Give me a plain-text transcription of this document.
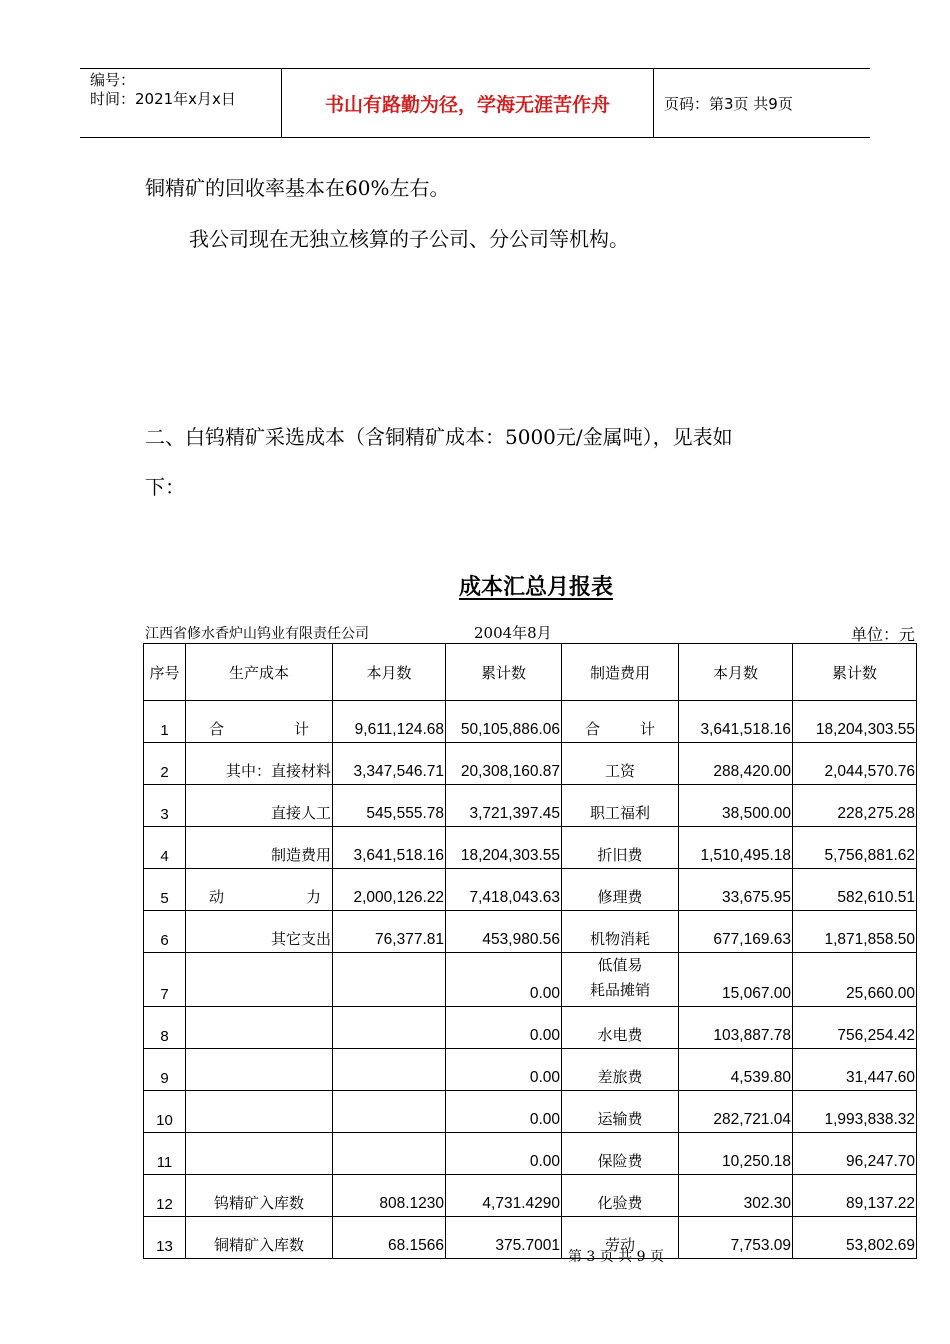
编号：
时间：2021年x月x日	书山有路勤为径，学海无涯苦作舟	页码：第3页 共9页
铜精矿的回收率基本在60%左右。
我公司现在无独立核算的子公司、分公司等机构。
二、白钨精矿采选成本（含铜精矿成本：5000元/金属吨），见表如
下：
成本汇总月报表
江西省修水香炉山钨业有限责任公司	2004年8月	单位：元
序号	生产成本	本月数	累计数	制造费用	本月数	累计数
1	合 计	9,611,124.68	50,105,886.06	合 计	3,641,518.16	18,204,303.55
2	其中：直接材料	3,347,546.71	20,308,160.87	工资	288,420.00	2,044,570.76
3	直接人工	545,555.78	3,721,397.45	职工福利	38,500.00	228,275.28
4	制造费用	3,641,518.16	18,204,303.55	折旧费	1,510,495.18	5,756,881.62
5	动 力	2,000,126.22	7,418,043.63	修理费	33,675.95	582,610.51
6	其它支出	76,377.81	453,980.56	机物消耗	677,169.63	1,871,858.50
7			0.00	低值易
耗品摊销	15,067.00	25,660.00
8			0.00	水电费	103,887.78	756,254.42
9			0.00	差旅费	4,539.80	31,447.60
10			0.00	运输费	282,721.04	1,993,838.32
11			0.00	保险费	10,250.18	96,247.70
12	钨精矿入库数	808.1230	4,731.4290	化验费	302.30	89,137.22
13	铜精矿入库数	68.1566	375.7001	劳动	7,753.09	53,802.69
第 3 页 共 9 页
